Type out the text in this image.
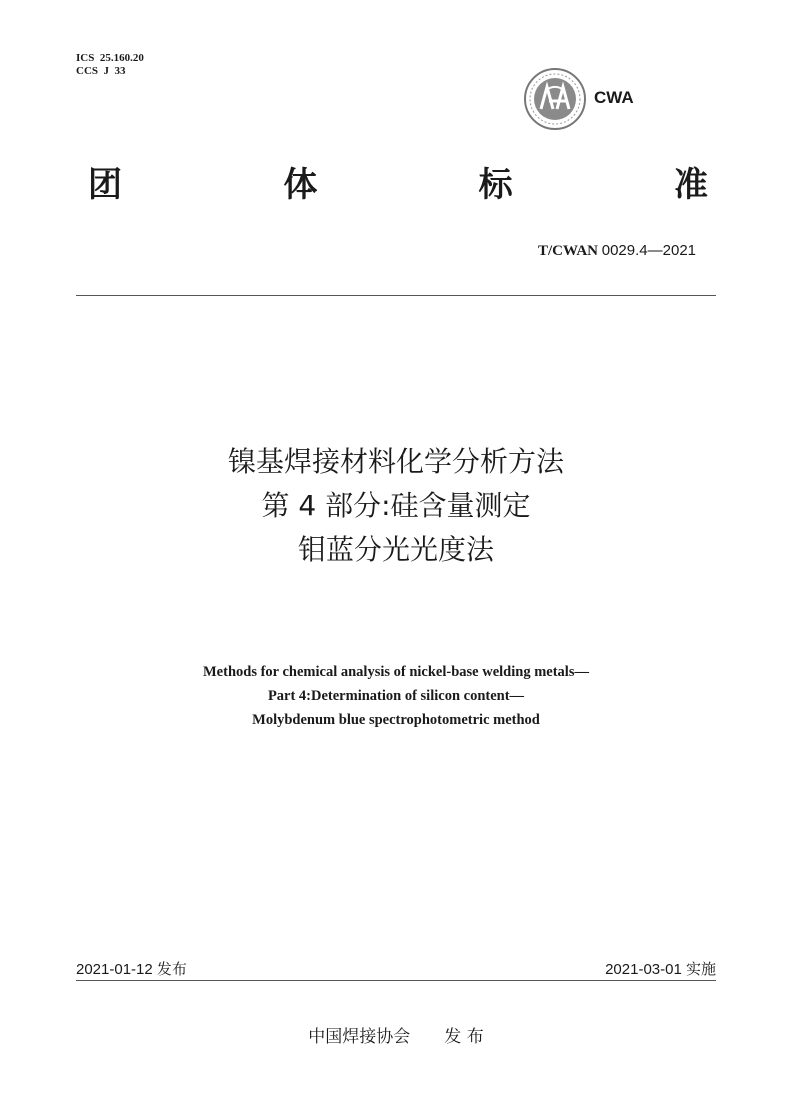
ICS  25.160.20
CCS  J  33
CWA
团	体	标	准
T/CWAN 0029.4—2021
镍基焊接材料化学分析方法
第 4 部分:硅含量测定
钼蓝分光光度法
Methods for chemical analysis of nickel-base welding metals—
Part 4:Determination of silicon content—
Molybdenum blue spectrophotometric method
2021-01-12 发布	2021-03-01 实施
中国焊接协会 发 布
